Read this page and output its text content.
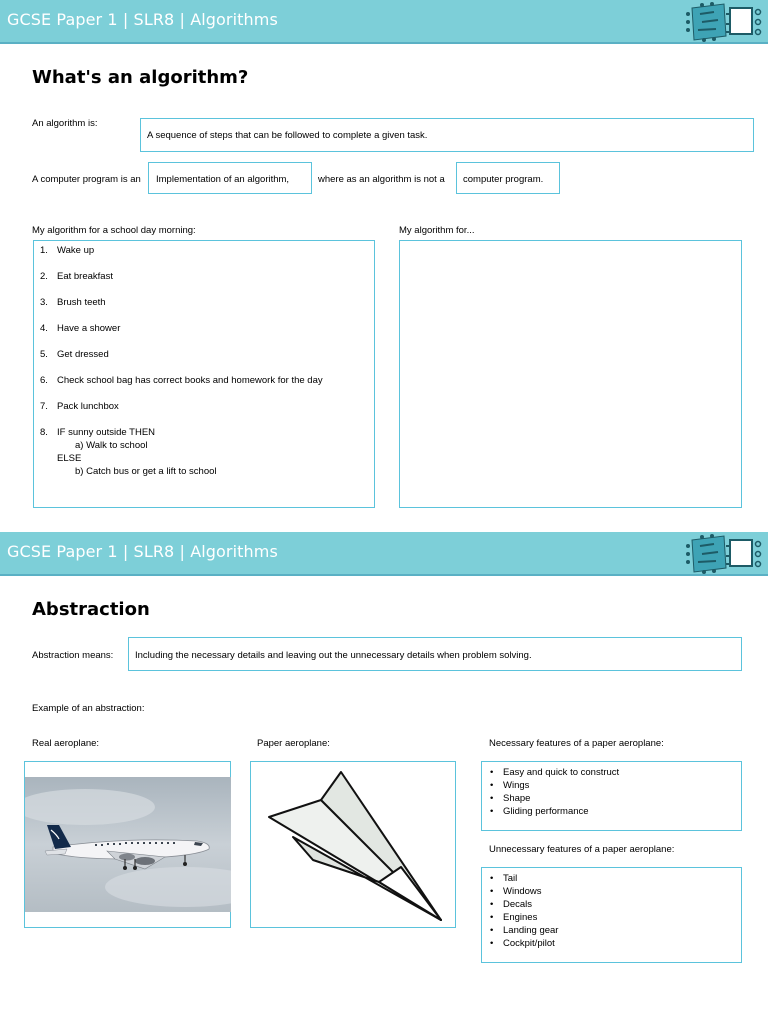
GCSE Paper 1 | SLR8 | Algorithms
What's an algorithm?
An algorithm is:
A sequence of steps that can be followed to complete a given task.
A computer program is an Implementation of an algorithm,	where as an algorithm is not a computer program.
My algorithm for a school day morning:	My algorithm for...
1. Wake up
2. Eat breakfast
3. Brush teeth
4. Have a shower
5. Get dressed
6. Check school bag has correct books and homework for the day
7. Pack lunchbox
8. IF sunny outside THEN
a) Walk to school
ELSE
b) Catch bus or get a lift to school
GCSE Paper 1 | SLR8 | Algorithms
Abstraction
Abstraction means: Including the necessary details and leaving out the unnecessary details when problem solving.
Example of an abstraction:
Real aeroplane:	Paper aeroplane:	Necessary features of a paper aeroplane:
• Easy and quick to construct
• Wings
• Shape
• Gliding performance
Unnecessary features of a paper aeroplane:
• Tail
• Windows
• Decals
• Engines
• Landing gear
• Cockpit/pilot
